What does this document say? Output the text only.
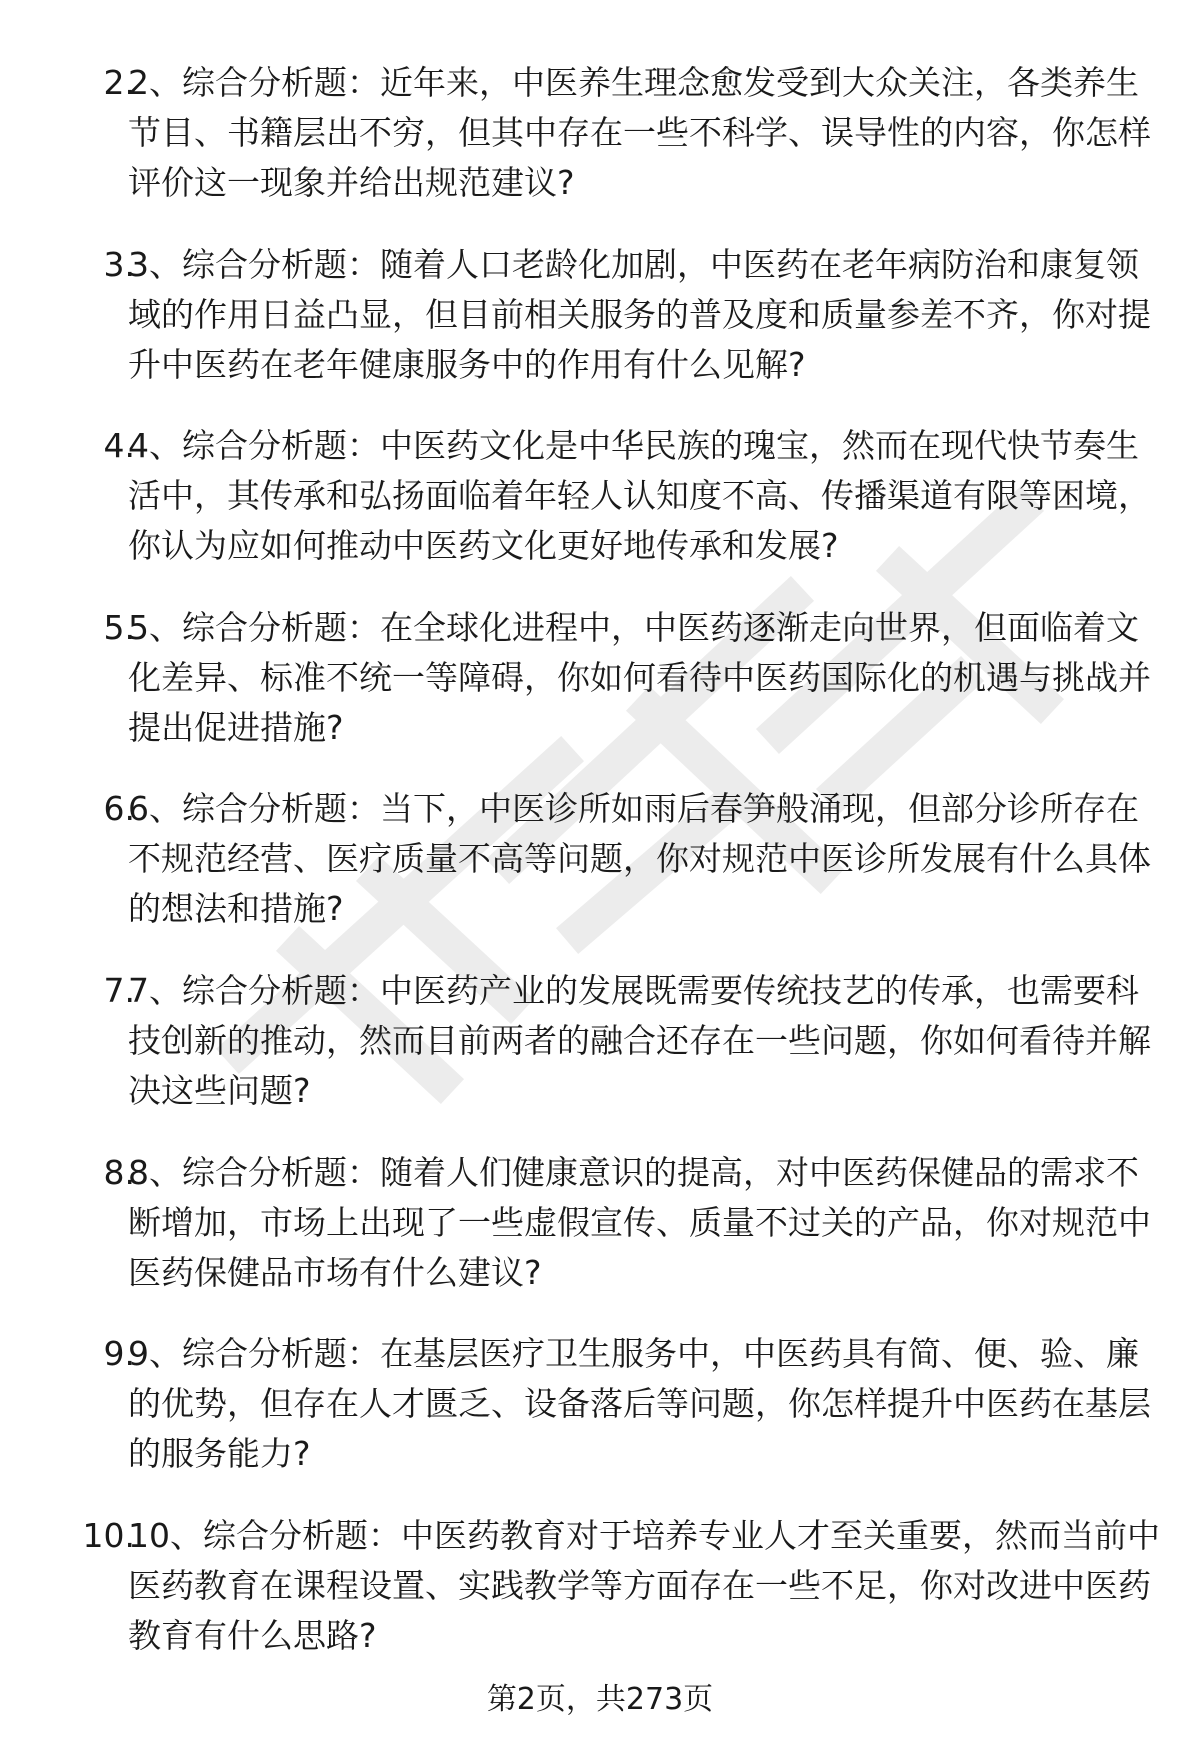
2.

2、综合分析题：近年来，中医养生理念愈发受到大众关注，各类养生节目、书籍层出不穷，但其中存在一些不科学、误导性的内容，你怎样评价这一现象并给出规范建议?

3.

3、综合分析题：随着人口老龄化加剧，中医药在老年病防治和康复领域的作用日益凸显，但目前相关服务的普及度和质量参差不齐，你对提升中医药在老年健康服务中的作用有什么见解?

4.

4、综合分析题：中医药文化是中华民族的瑰宝，然而在现代快节奏生活中，其传承和弘扬面临着年轻人认知度不高、传播渠道有限等困境，你认为应如何推动中医药文化更好地传承和发展?

5.

5、综合分析题：在全球化进程中，中医药逐渐走向世界，但面临着文化差异、标准不统一等障碍，你如何看待中医药国际化的机遇与挑战并提出促进措施?

6.

6、综合分析题：当下，中医诊所如雨后春笋般涌现，但部分诊所存在不规范经营、医疗质量不高等问题，你对规范中医诊所发展有什么具体的想法和措施?

7.

7、综合分析题：中医药产业的发展既需要传统技艺的传承，也需要科技创新的推动，然而目前两者的融合还存在一些问题，你如何看待并解决这些问题?

8.

8、综合分析题：随着人们健康意识的提高，对中医药保健品的需求不断增加，市场上出现了一些虚假宣传、质量不过关的产品，你对规范中医药保健品市场有什么建议?

9.

9、综合分析题：在基层医疗卫生服务中，中医药具有简、便、验、廉的优势，但存在人才匮乏、设备落后等问题，你怎样提升中医药在基层的服务能力?

10.

10、综合分析题：中医药教育对于培养专业人才至关重要，然而当前中医药教育在课程设置、实践教学等方面存在一些不足，你对改进中医药教育有什么思路?

第2页，共273页
